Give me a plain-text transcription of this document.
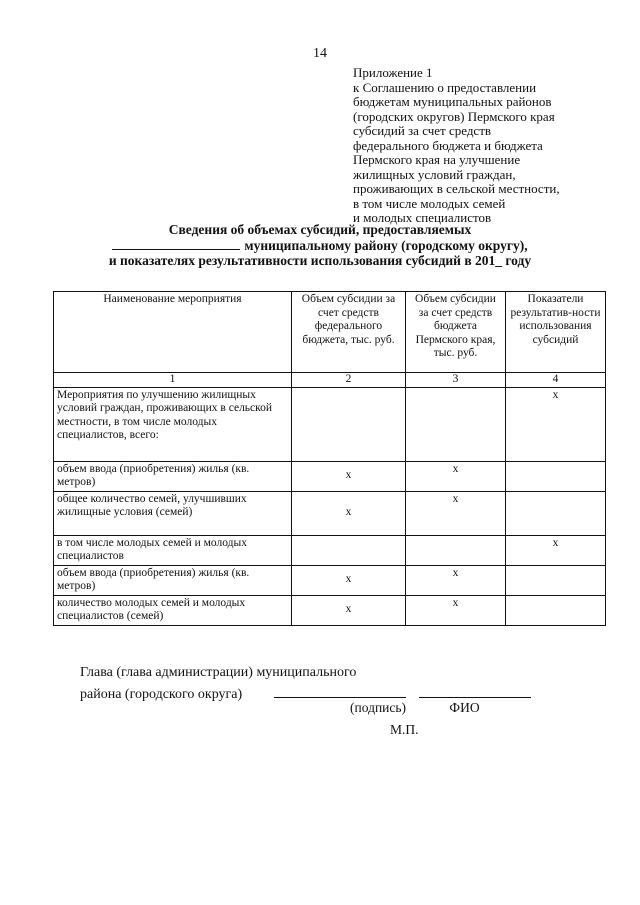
14
Приложение 1
к Соглашению о предоставлении
бюджетам муниципальных районов
(городских округов) Пермского края
субсидий за счет средств
федерального бюджета и бюджета
Пермского края на улучшение
жилищных условий граждан,
проживающих в сельской местности,
в том числе молодых семей
и молодых специалистов
Сведения об объемах субсидий, предоставляемых
муниципальному району (городскому округу),
и показателях результативности использования субсидий в 201_ году
Наименование мероприятия	Объем субсидии за счет средств федерального бюджета, тыс. руб.	Объем субсидии за счет средств бюджета Пермского края, тыс. руб.	Показатели результатив-ности использования субсидий
1	2	3	4
Мероприятия по улучшению жилищных условий граждан, проживающих в сельской местности, в том числе молодых специалистов, всего:			x
объем ввода (приобретения) жилья (кв. метров)	x	x	
общее количество семей, улучшивших жилищные условия (семей)	x	x	
в том числе молодых семей и молодых специалистов			x
объем ввода (приобретения) жилья (кв. метров)	x	x	
количество молодых семей и молодых специалистов (семей)	x	x	
Глава (глава администрации) муниципального
района (городского округа)
(подпись)	ФИО
М.П.
